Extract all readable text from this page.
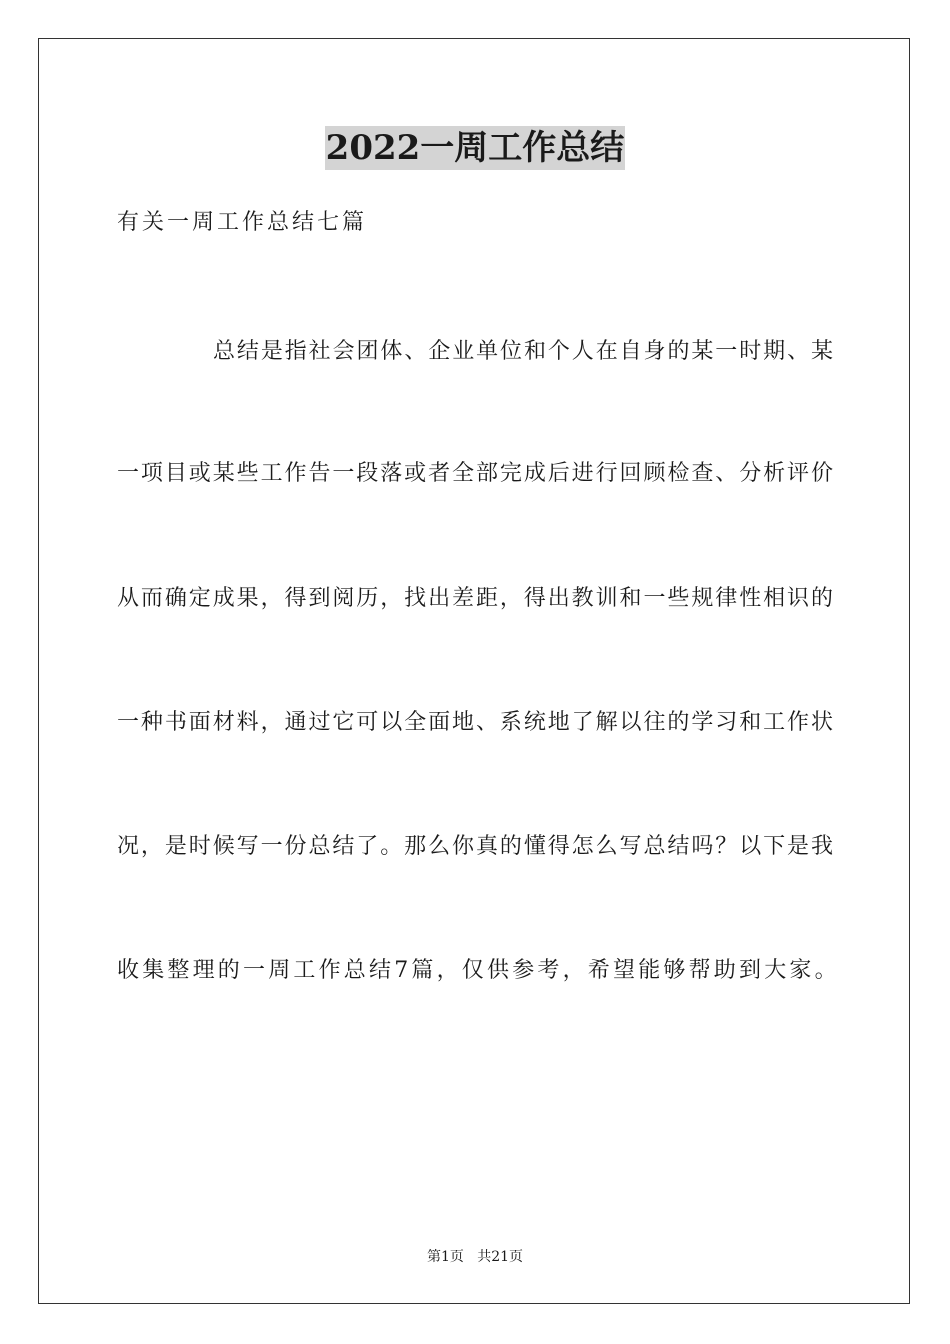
2022一周工作总结
有关一周工作总结七篇
总结是指社会团体、企业单位和个人在自身的某一时期、某
一项目或某些工作告一段落或者全部完成后进行回顾检查、分析评价
从而确定成果，得到阅历，找出差距，得出教训和一些规律性相识的
一种书面材料，通过它可以全面地、系统地了解以往的学习和工作状
况，是时候写一份总结了。那么你真的懂得怎么写总结吗？以下是我
收集整理的一周工作总结7篇，仅供参考，希望能够帮助到大家。
第1页   共21页
